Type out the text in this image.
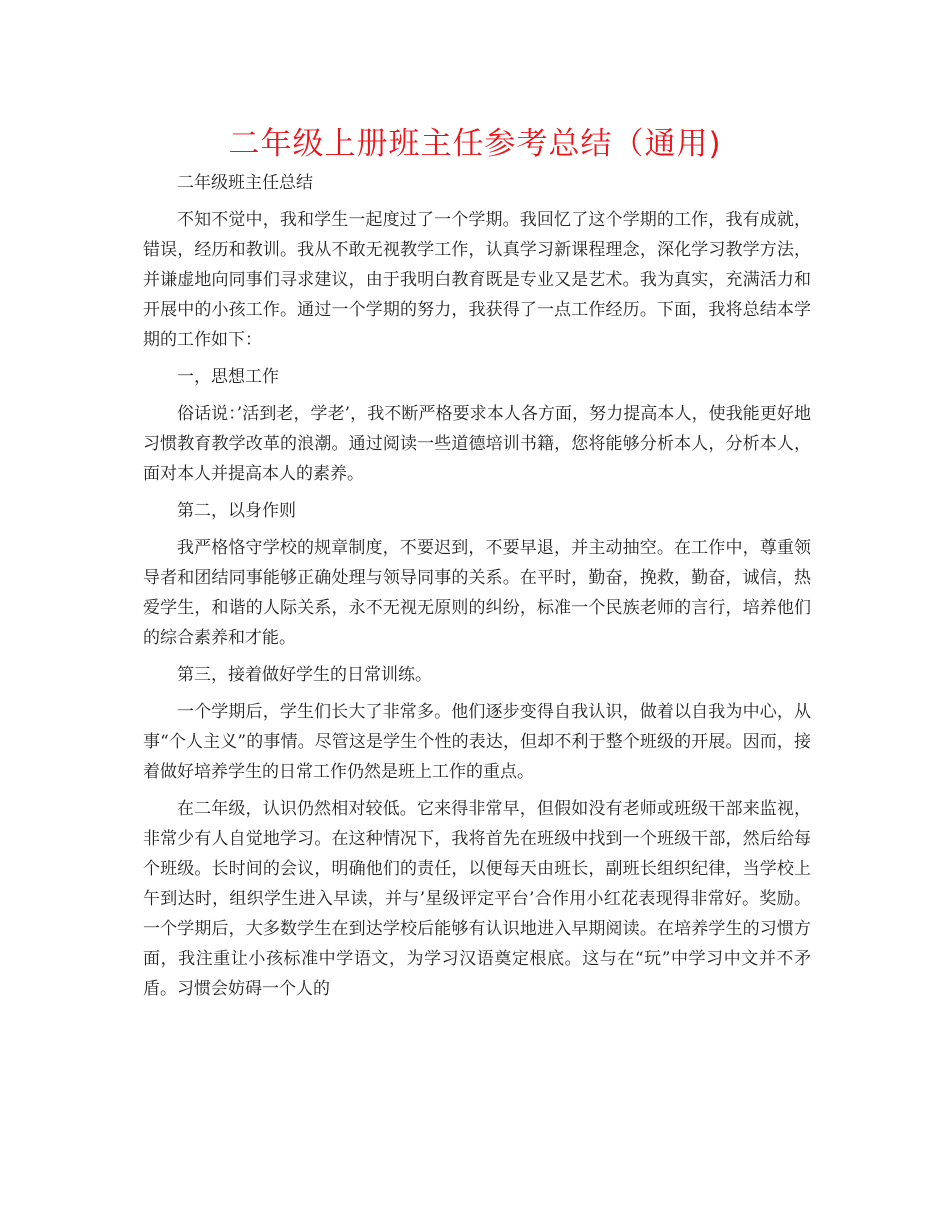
二年级上册班主任参考总结（通用)

二年级班主任总结

不知不觉中，我和学生一起度过了一个学期。我回忆了这个学期的工作，我有成就，错误，经历和教训。我从不敢无视教学工作，认真学习新课程理念，深化学习教学方法，并谦虚地向同事们寻求建议，由于我明白教育既是专业又是艺术。我为真实，充满活力和开展中的小孩工作。通过一个学期的努力，我获得了一点工作经历。下面，我将总结本学期的工作如下：

一，思想工作

俗话说：’活到老，学老’，我不断严格要求本人各方面，努力提高本人，使我能更好地习惯教育教学改革的浪潮。通过阅读一些道德培训书籍，您将能够分析本人，分析本人，面对本人并提高本人的素养。

第二，以身作则

我严格恪守学校的规章制度，不要迟到，不要早退，并主动抽空。在工作中，尊重领导者和团结同事能够正确处理与领导同事的关系。在平时，勤奋，挽救，勤奋，诚信，热爱学生，和谐的人际关系，永不无视无原则的纠纷，标准一个民族老师的言行，培养他们的综合素养和才能。

第三，接着做好学生的日常训练。

一个学期后，学生们长大了非常多。他们逐步变得自我认识，做着以自我为中心，从事“个人主义”的事情。尽管这是学生个性的表达，但却不利于整个班级的开展。因而，接着做好培养学生的日常工作仍然是班上工作的重点。

在二年级，认识仍然相对较低。它来得非常早，但假如没有老师或班级干部来监视，非常少有人自觉地学习。在这种情况下，我将首先在班级中找到一个班级干部，然后给每个班级。长时间的会议，明确他们的责任，以便每天由班长，副班长组织纪律，当学校上午到达时，组织学生进入早读，并与’星级评定平台’合作用小红花表现得非常好。奖励。一个学期后，大多数学生在到达学校后能够有认识地进入早期阅读。在培养学生的习惯方面，我注重让小孩标准中学语文，为学习汉语奠定根底。这与在“玩”中学习中文并不矛盾。习惯会妨碍一个人的
